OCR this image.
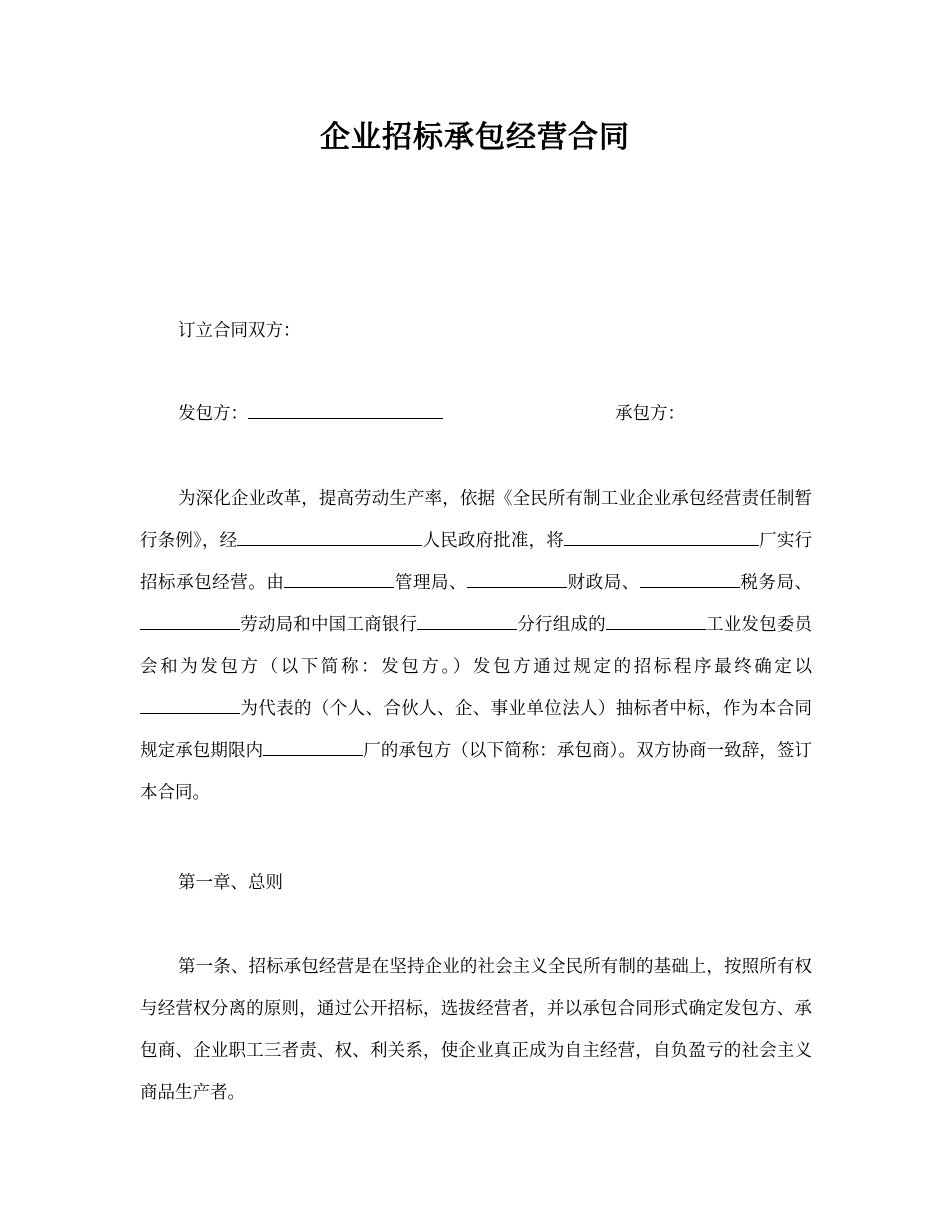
企业招标承包经营合同
订立合同双方：
发包方：	承包方：
为深化企业改革，提高劳动生产率，依据《全民所有制工业企业承包经营责任制暂行条例》，经	人民政府批准，将	厂实行招标承包经营。由	管理局、	财政局、	税务局、劳动局和中国工商银行	分行组成的	工业发包委员会和为发包方（以下简称：发包方。）发包方通过规定的招标程序最终确定以为代表的（个人、合伙人、企、事业单位法人）抽标者中标，作为本合同规定承包期限内	厂的承包方（以下简称：承包商）。双方协商一致辞，签订本合同。
第一章、总则
第一条、招标承包经营是在坚持企业的社会主义全民所有制的基础上，按照所有权与经营权分离的原则，通过公开招标，选拔经营者，并以承包合同形式确定发包方、承包商、企业职工三者责、权、利关系，使企业真正成为自主经营，自负盈亏的社会主义商品生产者。
